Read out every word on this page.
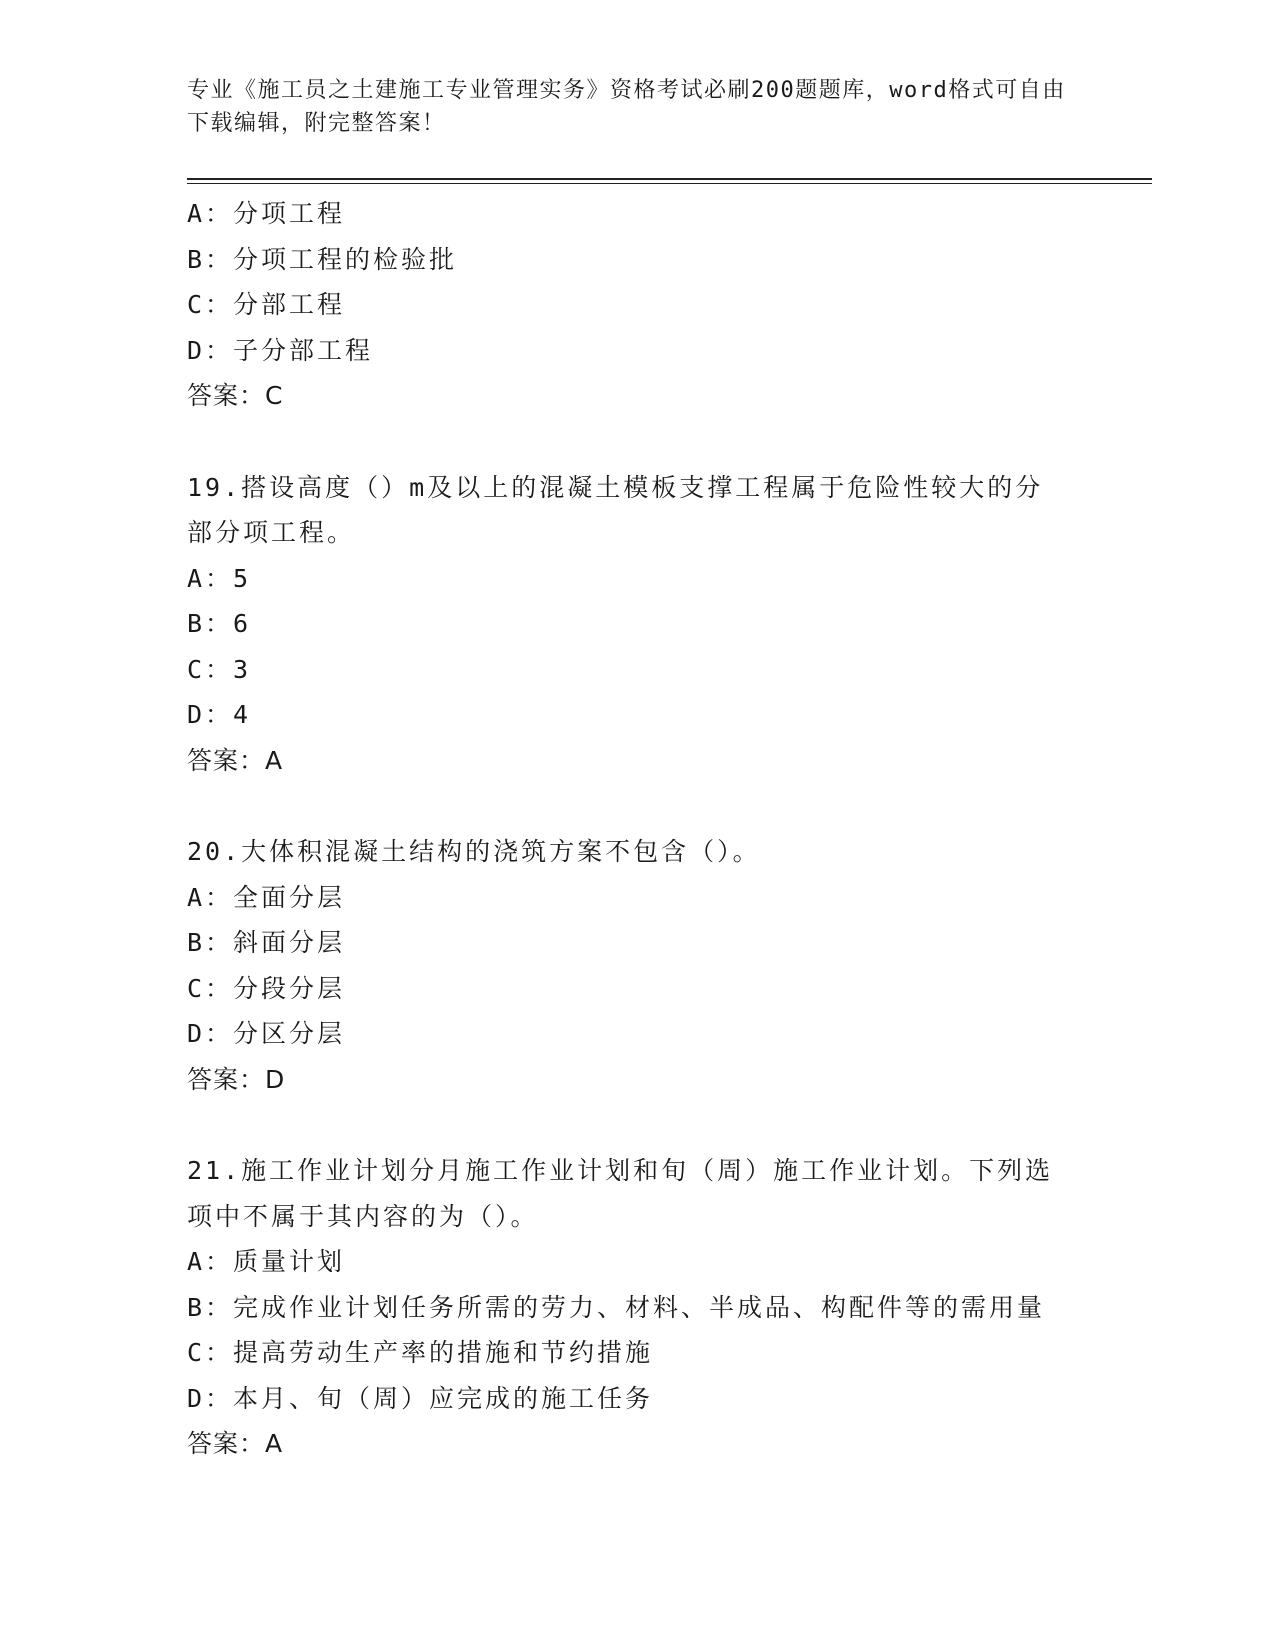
专业《施工员之土建施工专业管理实务》资格考试必刷200题题库，word格式可自由下载编辑，附完整答案！
A：分项工程
B：分项工程的检验批
C：分部工程
D：子分部工程
答案：C
19.搭设高度（）m及以上的混凝土模板支撑工程属于危险性较大的分部分项工程。
A：5
B：6
C：3
D：4
答案：A
20.大体积混凝土结构的浇筑方案不包含（）。
A：全面分层
B：斜面分层
C：分段分层
D：分区分层
答案：D
21.施工作业计划分月施工作业计划和旬（周）施工作业计划。下列选项中不属于其内容的为（）。
A：质量计划
B：完成作业计划任务所需的劳力、材料、半成品、构配件等的需用量
C：提高劳动生产率的措施和节约措施
D：本月、旬（周）应完成的施工任务
答案：A
